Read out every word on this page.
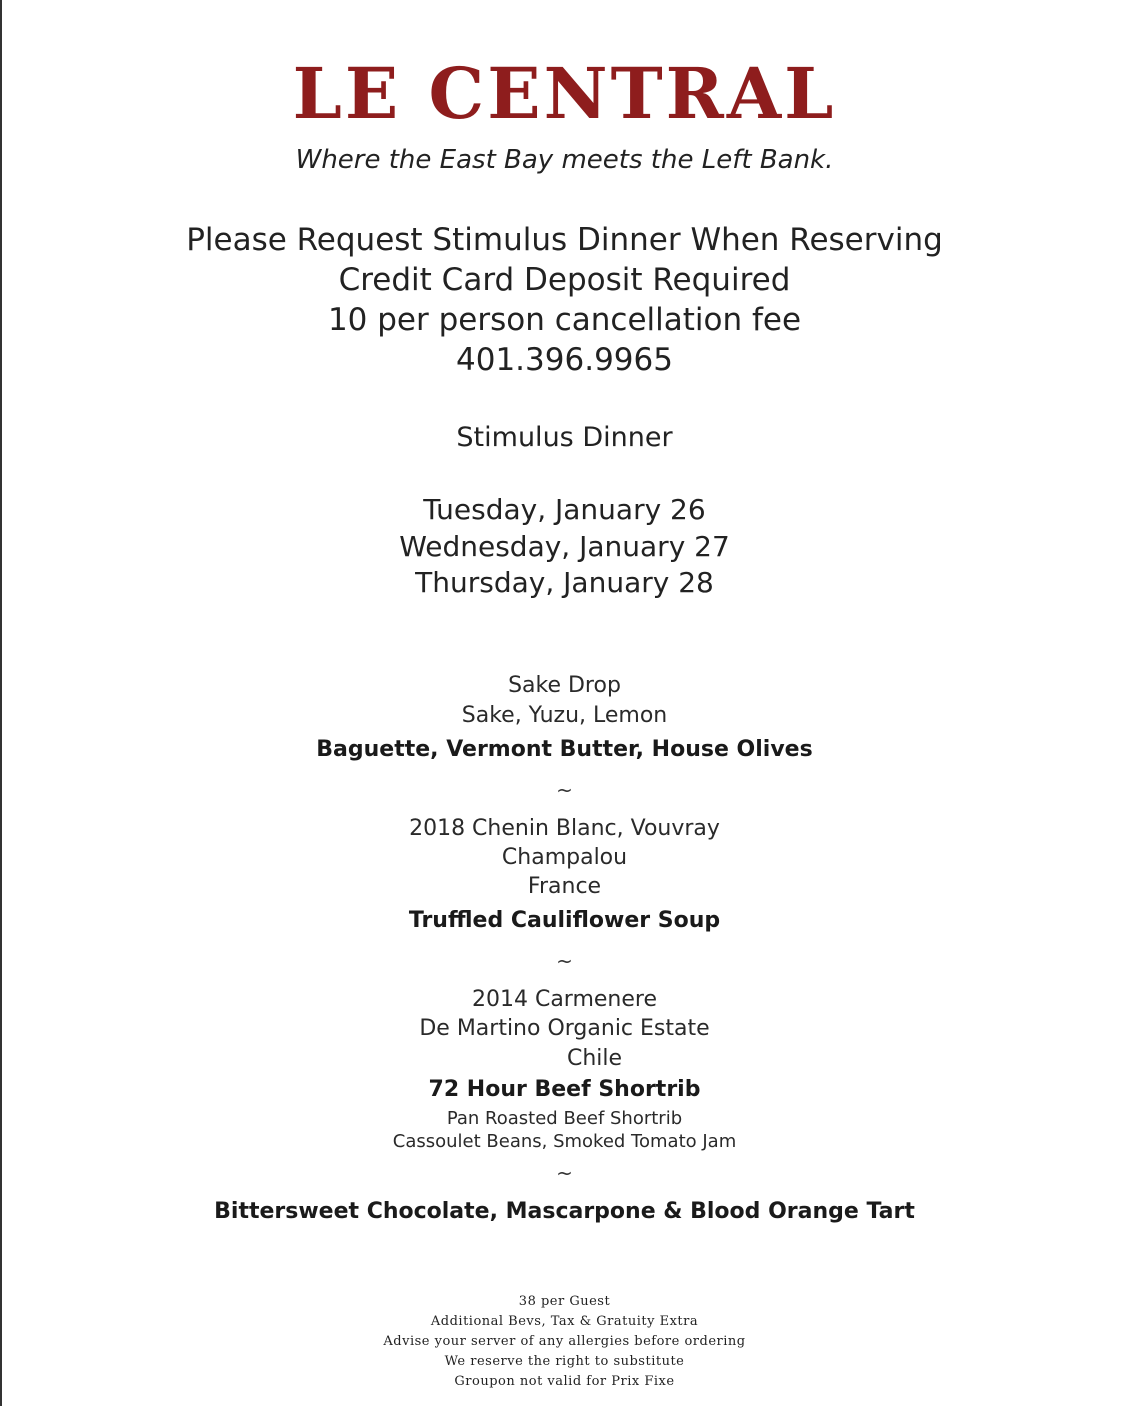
LE CENTRAL
Where the East Bay meets the Left Bank.
Please Request Stimulus Dinner When Reserving
Credit Card Deposit Required
10 per person cancellation fee
401.396.9965
Stimulus Dinner
Tuesday, January 26
Wednesday, January 27
Thursday, January 28
Sake Drop
Sake, Yuzu, Lemon
Baguette, Vermont Butter, House Olives
~
2018 Chenin Blanc, Vouvray
Champalou
France
Truffled Cauliflower Soup
~
2014 Carmenere
De Martino Organic Estate
Chile
72 Hour Beef Shortrib
Pan Roasted Beef Shortrib
Cassoulet Beans, Smoked Tomato Jam
~
Bittersweet Chocolate, Mascarpone & Blood Orange Tart
38 per Guest
Additional Bevs, Tax & Gratuity Extra
Advise your server of any allergies before ordering
We reserve the right to substitute
Groupon not valid for Prix Fixe
